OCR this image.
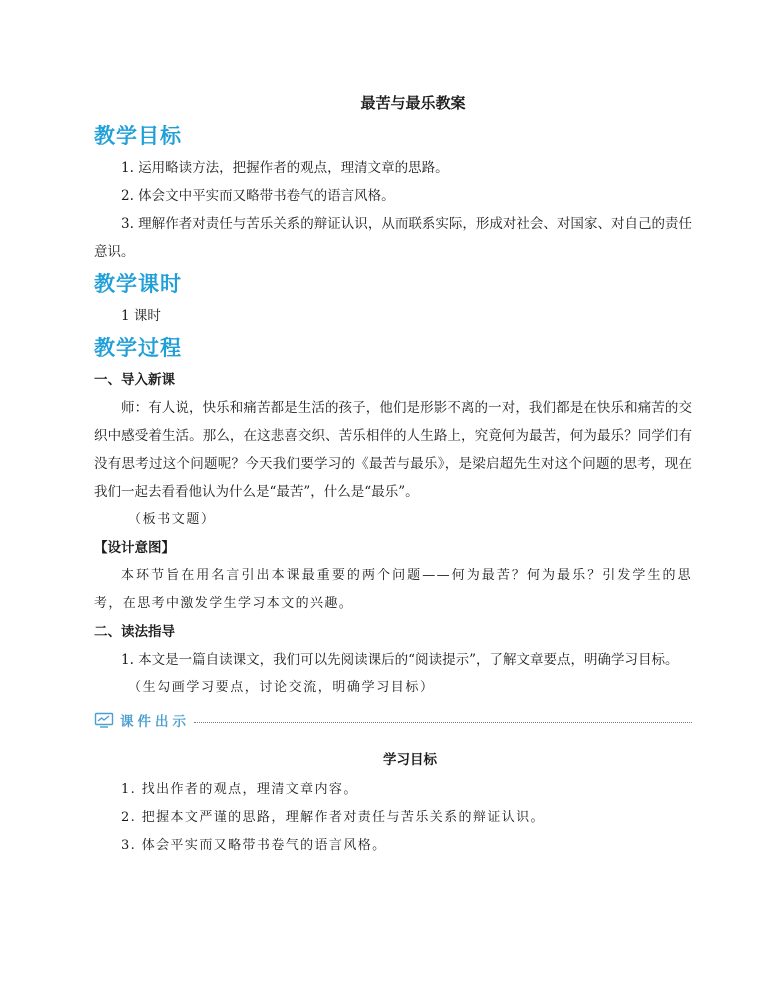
最苦与最乐教案
教学目标

1. 运用略读方法，把握作者的观点，理清文章的思路。

2. 体会文中平实而又略带书卷气的语言风格。

3. 理解作者对责任与苦乐关系的辩证认识，从而联系实际，形成对社会、对国家、对自己的责任意识。

教学课时

1 课时

教学过程
一、导入新课

师：有人说，快乐和痛苦都是生活的孩子，他们是形影不离的一对，我们都是在快乐和痛苦的交织中感受着生活。那么，在这悲喜交织、苦乐相伴的人生路上，究竟何为最苦，何为最乐？同学们有没有思考过这个问题呢？今天我们要学习的《最苦与最乐》，是梁启超先生对这个问题的思考，现在我们一起去看看他认为什么是“最苦”，什么是“最乐”。

（板书文题）

【设计意图】

本环节旨在用名言引出本课最重要的两个问题——何为最苦？何为最乐？引发学生的思考，在思考中激发学生学习本文的兴趣。

二、读法指导

1. 本文是一篇自读课文，我们可以先阅读课后的“阅读提示”，了解文章要点，明确学习目标。

（生勾画学习要点，讨论交流，明确学习目标）

课件出示
学习目标

1. 找出作者的观点，理清文章内容。

2. 把握本文严谨的思路，理解作者对责任与苦乐关系的辩证认识。

3. 体会平实而又略带书卷气的语言风格。
